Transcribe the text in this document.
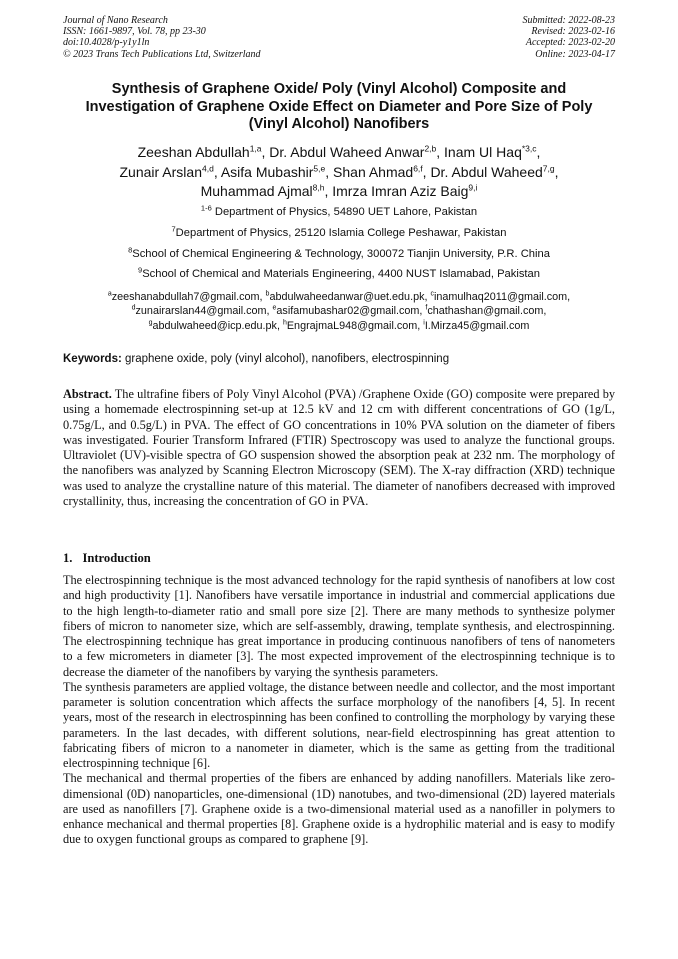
Journal of Nano Research
ISSN: 1661-9897, Vol. 78, pp 23-30
doi:10.4028/p-y1y1ln
© 2023 Trans Tech Publications Ltd, Switzerland
Submitted: 2022-08-23
Revised: 2023-02-16
Accepted: 2023-02-20
Online: 2023-04-17
Synthesis of Graphene Oxide/ Poly (Vinyl Alcohol) Composite and Investigation of Graphene Oxide Effect on Diameter and Pore Size of Poly (Vinyl Alcohol) Nanofibers
Zeeshan Abdullah$^{1,a}$, Dr. Abdul Waheed Anwar$^{2,b}$, Inam Ul Haq$^{*3,c}$,
Zunair Arslan$^{4,d}$, Asifa Mubashir$^{5,e}$, Shan Ahmad$^{6,f}$, Dr. Abdul Waheed$^{7,g}$,
Muhammad Ajmal$^{8,h}$, Imrza Imran Aziz Baig$^{9,i}$
$^{1-6}$ Department of Physics, 54890 UET Lahore, Pakistan
$^7$Department of Physics, 25120 Islamia College Peshawar, Pakistan
$^8$School of Chemical Engineering & Technology, 300072 Tianjin University, P.R. China
$^9$School of Chemical and Materials Engineering, 4400 NUST Islamabad, Pakistan
$^a$zeeshanabdullah7@gmail.com, $^b$abdulwaheedanwar@uet.edu.pk, $^c$inamulhaq2011@gmail.com,
$^d$zunairarslan44@gmail.com, $^e$asifamubashar02@gmail.com, $^f$chathashan@gmail.com,
$^g$abdulwaheed@icp.edu.pk, $^h$EngrajmaL948@gmail.com, $^i$I.Mirza45@gmail.com
Keywords: graphene oxide, poly (vinyl alcohol), nanofibers, electrospinning

Abstract. The ultrafine fibers of Poly Vinyl Alcohol (PVA) /Graphene Oxide (GO) composite were prepared by using a homemade electrospinning set-up at 12.5 kV and 12 cm with different concentrations of GO (1g/L, 0.75g/L, and 0.5g/L) in PVA. The effect of GO concentrations in 10% PVA solution on the diameter of fibers was investigated. Fourier Transform Infrared (FTIR) Spectroscopy was used to analyze the functional groups. Ultraviolet (UV)-visible spectra of GO suspension showed the absorption peak at 232 nm. The morphology of the nanofibers was analyzed by Scanning Electron Microscopy (SEM). The X-ray diffraction (XRD) technique was used to analyze the crystalline nature of this material. The diameter of nanofibers decreased with improved crystallinity, thus, increasing the concentration of GO in PVA.

1. Introduction

The electrospinning technique is the most advanced technology for the rapid synthesis of nanofibers at low cost and high productivity [1]. Nanofibers have versatile importance in industrial and commercial applications due to the high length-to-diameter ratio and small pore size [2]. There are many methods to synthesize polymer fibers of micron to nanometer size, which are self-assembly, drawing, template synthesis, and electrospinning. The electrospinning technique has great importance in producing continuous nanofibers of tens of nanometers to a few micrometers in diameter [3]. The most expected improvement of the electrospinning technique is to decrease the diameter of the nanofibers by varying the synthesis parameters.

The synthesis parameters are applied voltage, the distance between needle and collector, and the most important parameter is solution concentration which affects the surface morphology of the nanofibers [4, 5]. In recent years, most of the research in electrospinning has been confined to controlling the morphology by varying these parameters. In the last decades, with different solutions, near-field electrospinning has great attention to fabricating fibers of micron to a nanometer in diameter, which is the same as getting from the traditional electrospinning technique [6].

The mechanical and thermal properties of the fibers are enhanced by adding nanofillers. Materials like zero-dimensional (0D) nanoparticles, one-dimensional (1D) nanotubes, and two-dimensional (2D) layered materials are used as nanofillers [7]. Graphene oxide is a two-dimensional material used as a nanofiller in polymers to enhance mechanical and thermal properties [8]. Graphene oxide is a hydrophilic material and is easy to modify due to oxygen functional groups as compared to graphene [9].
